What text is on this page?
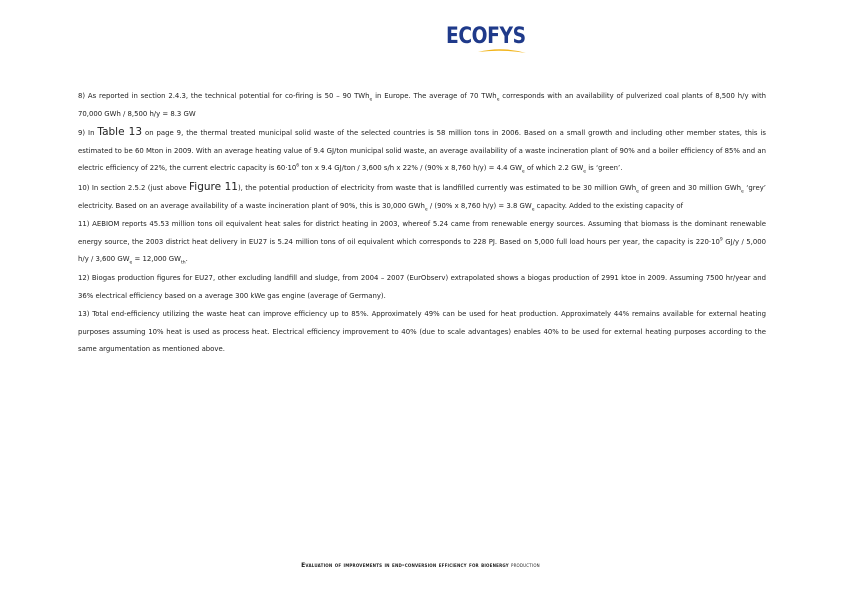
ECOFYS

8) As reported in section 2.4.3, the technical potential for co-firing is 50 – 90 TWh$_e$ in Europe. The average of 70 TWh$_e$ corresponds with an availability of pulverized coal plants of 8,500 h/y with 70,000 GWh / 8,500 h/y = 8.3 GW

9) In Table 13 on page 9, the thermal treated municipal solid waste of the selected countries is 58 million tons in 2006. Based on a small growth and including other member states, this is estimated to be 60 Mton in 2009. With an average heating value of 9.4 GJ/ton municipal solid waste, an average availability of a waste incineration plant of 90% and a boiler efficiency of 85% and an electric efficiency of 22%, the current electric capacity is $60\cdot 10^6$ ton x 9.4 GJ/ton / 3,600 s/h x 22% / (90% x 8,760 h/y) = 4.4 $GW_e$ of which 2.2 $GW_e$ is ‘green’.

10) In section 2.5.2 (just above Figure 11), the potential production of electricity from waste that is landfilled currently was estimated to be 30 million GWh$_e$ of green and 30 million GWh$_e$ ‘grey’ electricity. Based on an average availability of a waste incineration plant of 90%, this is 30,000 GWh$_e$ / (90% x 8,760 h/y) = 3.8 $GW_e$ capacity. Added to the existing capacity of

11) AEBIOM reports 45.53 million tons oil equivalent heat sales for district heating in 2003, whereof 5.24 came from renewable energy sources. Assuming that biomass is the dominant renewable energy source, the 2003 district heat delivery in EU27 is 5.24 million tons of oil equivalent which corresponds to 228 PJ. Based on 5,000 full load hours per year, the capacity is $220\cdot 10^9$ GJ/y / 5,000 h/y / 3,600 $GW_e = 12,000$ $GW_{th}$.

12) Biogas production figures for EU27, other excluding landfill and sludge, from 2004 – 2007 (EurObserv) extrapolated shows a biogas production of 2991 ktoe in 2009. Assuming 7500 hr/year and 36% electrical efficiency based on a average 300 kWe gas engine (average of Germany).

13) Total end-efficiency utilizing the waste heat can improve efficiency up to 85%. Approximately 49% can be used for heat production. Approximately 44% remains available for external heating purposes assuming 10% heat is used as process heat. Electrical efficiency improvement to 40% (due to scale advantages) enables 40% to be used for external heating purposes according to the same argumentation as mentioned above.

Evaluation of improvements in end-conversion efficiency for bioenergy production
